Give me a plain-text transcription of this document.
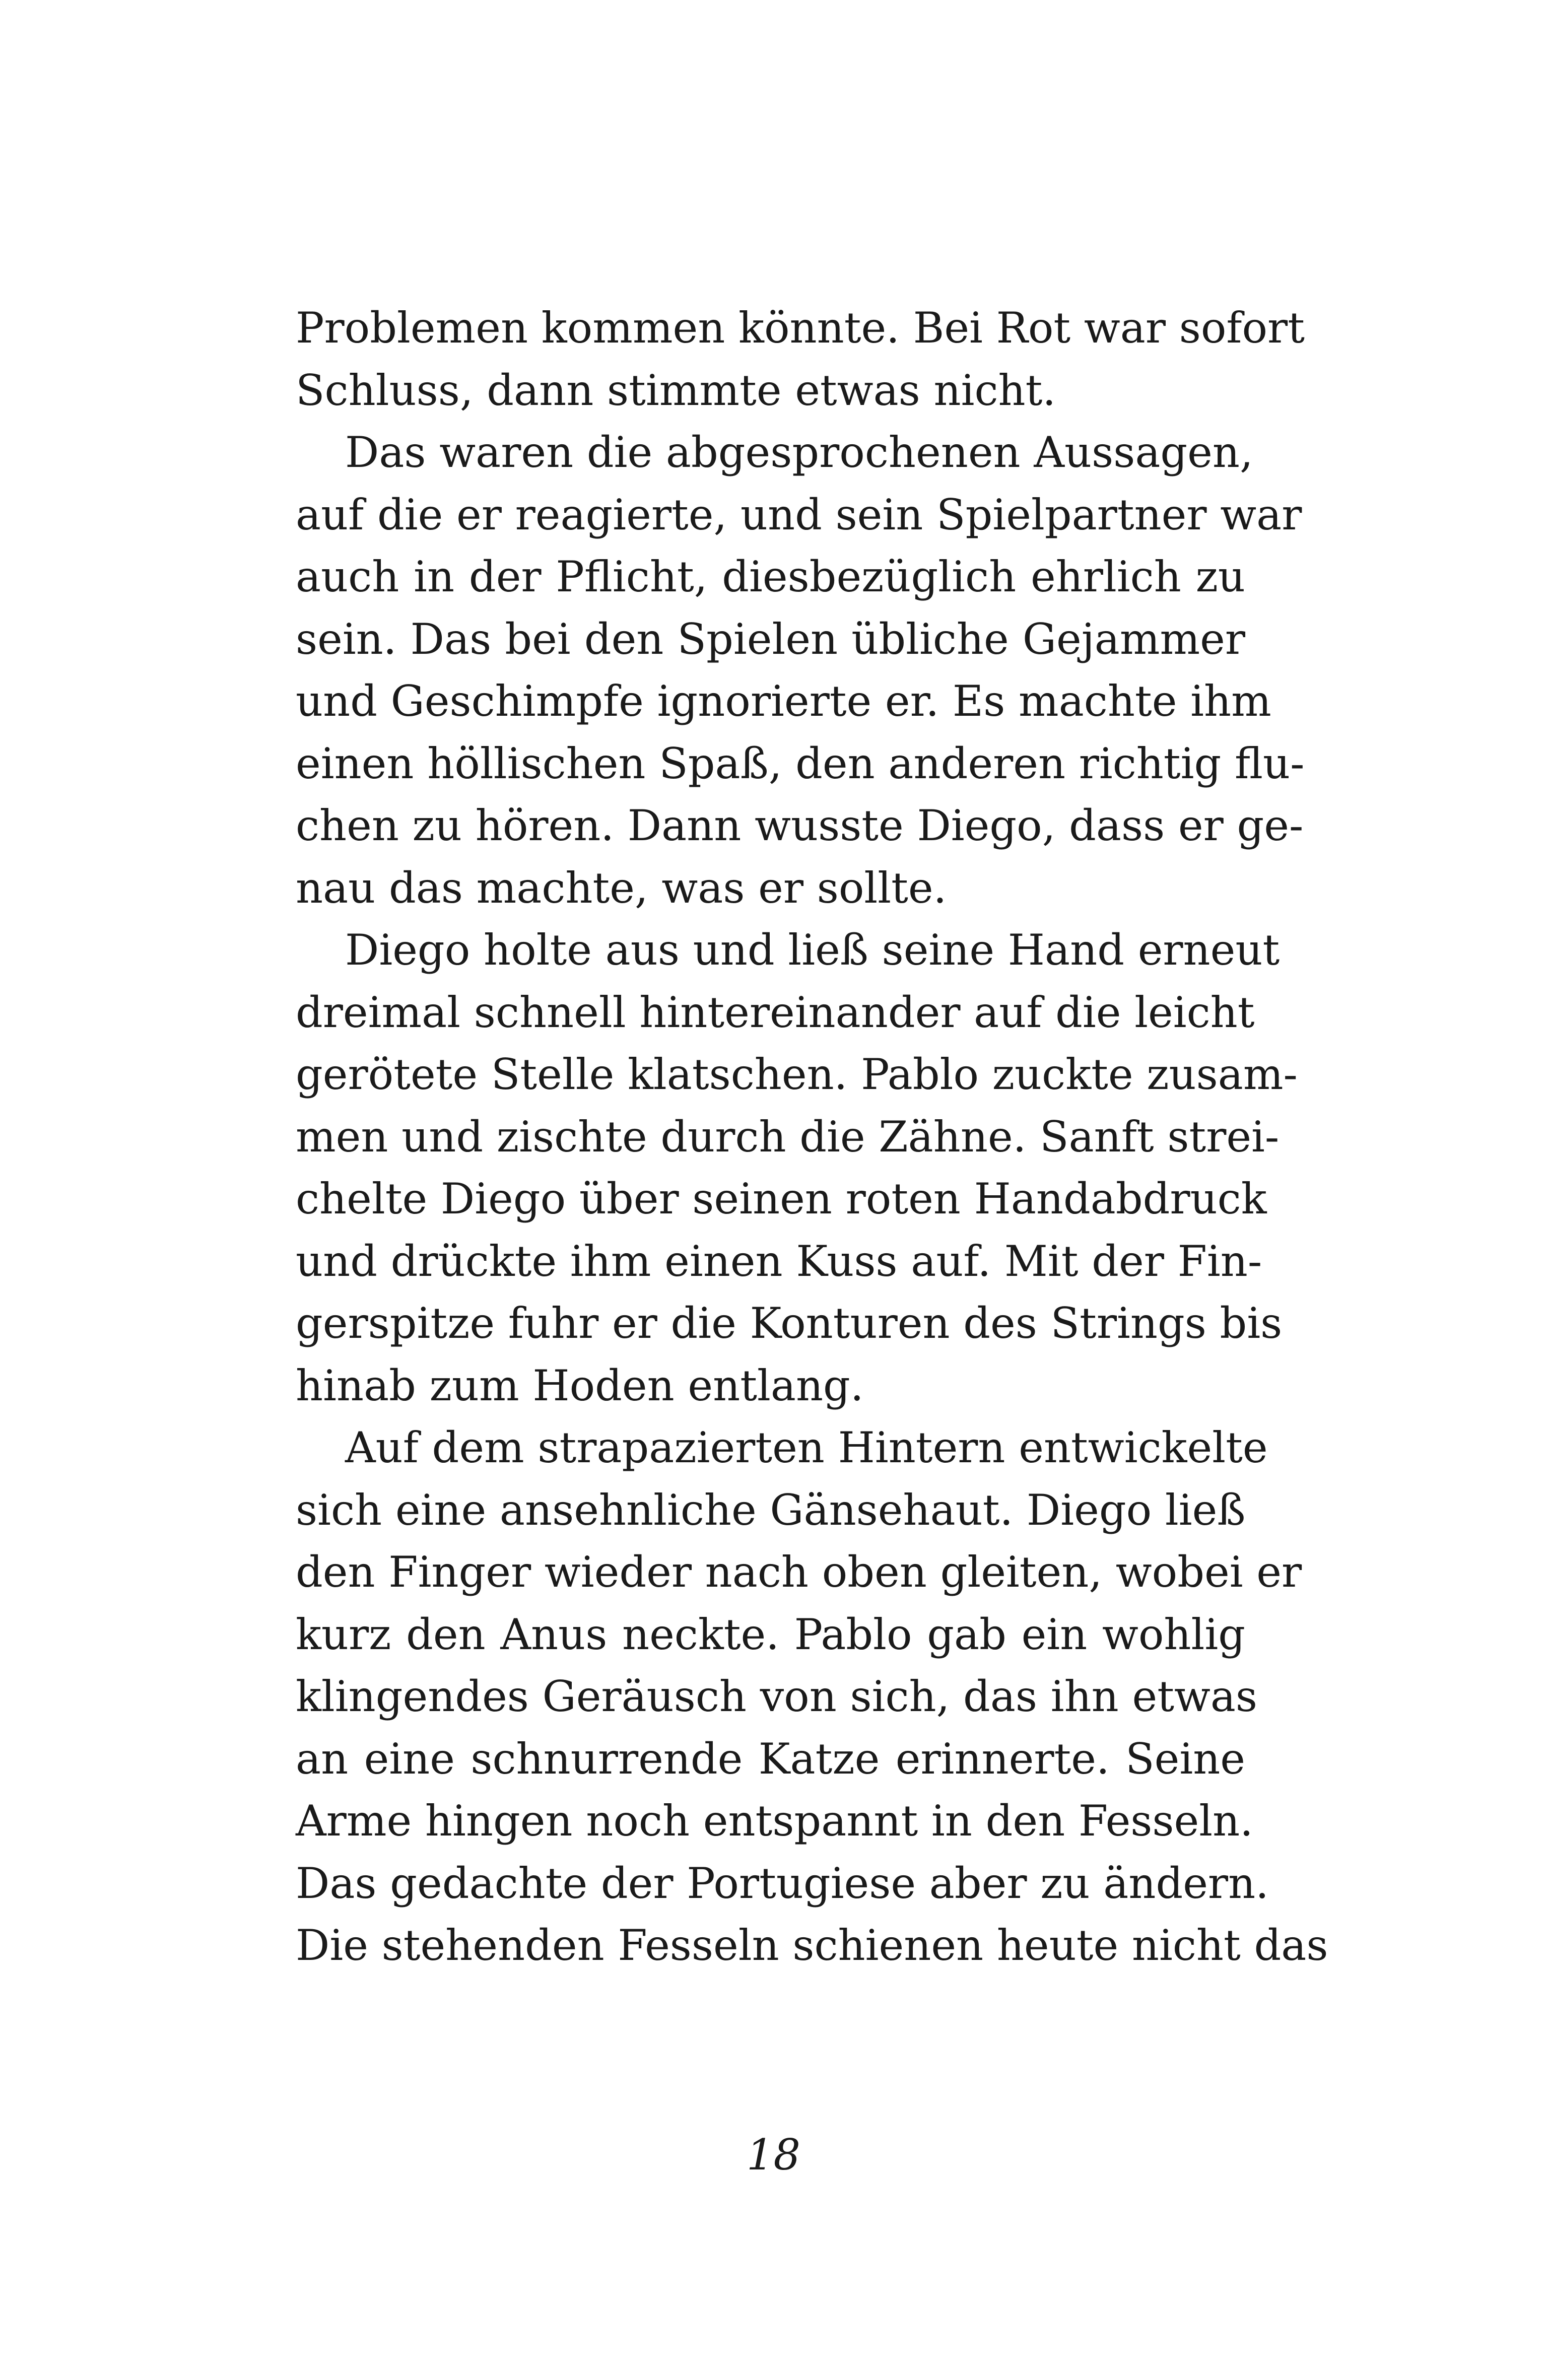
Problemen kommen könnte. Bei Rot war sofort
Schluss, dann stimmte etwas nicht.
Das waren die abgesprochenen Aussagen,
auf die er reagierte, und sein Spielpartner war
auch in der Pflicht, diesbezüglich ehrlich zu
sein. Das bei den Spielen übliche Gejammer
und Geschimpfe ignorierte er. Es machte ihm
einen höllischen Spaß, den anderen richtig flu-
chen zu hören. Dann wusste Diego, dass er ge-
nau das machte, was er sollte.
Diego holte aus und ließ seine Hand erneut
dreimal schnell hintereinander auf die leicht
gerötete Stelle klatschen. Pablo zuckte zusam-
men und zischte durch die Zähne. Sanft strei-
chelte Diego über seinen roten Handabdruck
und drückte ihm einen Kuss auf. Mit der Fin-
gerspitze fuhr er die Konturen des Strings bis
hinab zum Hoden entlang.
Auf dem strapazierten Hintern entwickelte
sich eine ansehnliche Gänsehaut. Diego ließ
den Finger wieder nach oben gleiten, wobei er
kurz den Anus neckte. Pablo gab ein wohlig
klingendes Geräusch von sich, das ihn etwas
an eine schnurrende Katze erinnerte. Seine
Arme hingen noch entspannt in den Fesseln.
Das gedachte der Portugiese aber zu ändern.
Die stehenden Fesseln schienen heute nicht das
18
